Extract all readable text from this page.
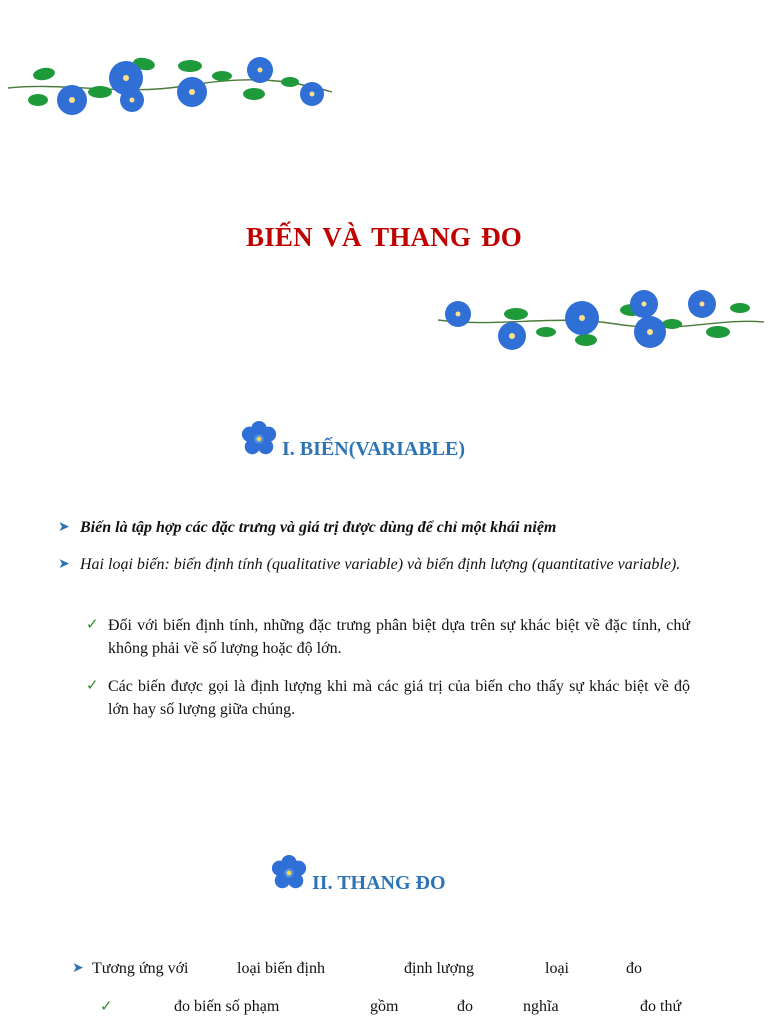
BIẾN VÀ THANG ĐO
I. BIẾN(VARIABLE)
➤ Biến là tập hợp các đặc trưng và giá trị được dùng để chỉ một khái niệm
➤ Hai loại biến: biến định tính (qualitative variable) và biến định lượng (quantitative variable).
✓ Đối với biến định tính, những đặc trưng phân biệt dựa trên sự khác biệt về đặc tính, chứ không phải về số lượng hoặc độ lớn.
✓ Các biến được gọi là định lượng khi mà các giá trị của biến cho thấy sự khác biệt về độ lớn hay số lượng giữa chúng.
II. THANG ĐO
➤ Tương ứng với	loại biến định	định lượng	loại	đo
✓	đo biến số phạm	gồm	đo	nghĩa	đo thứ
